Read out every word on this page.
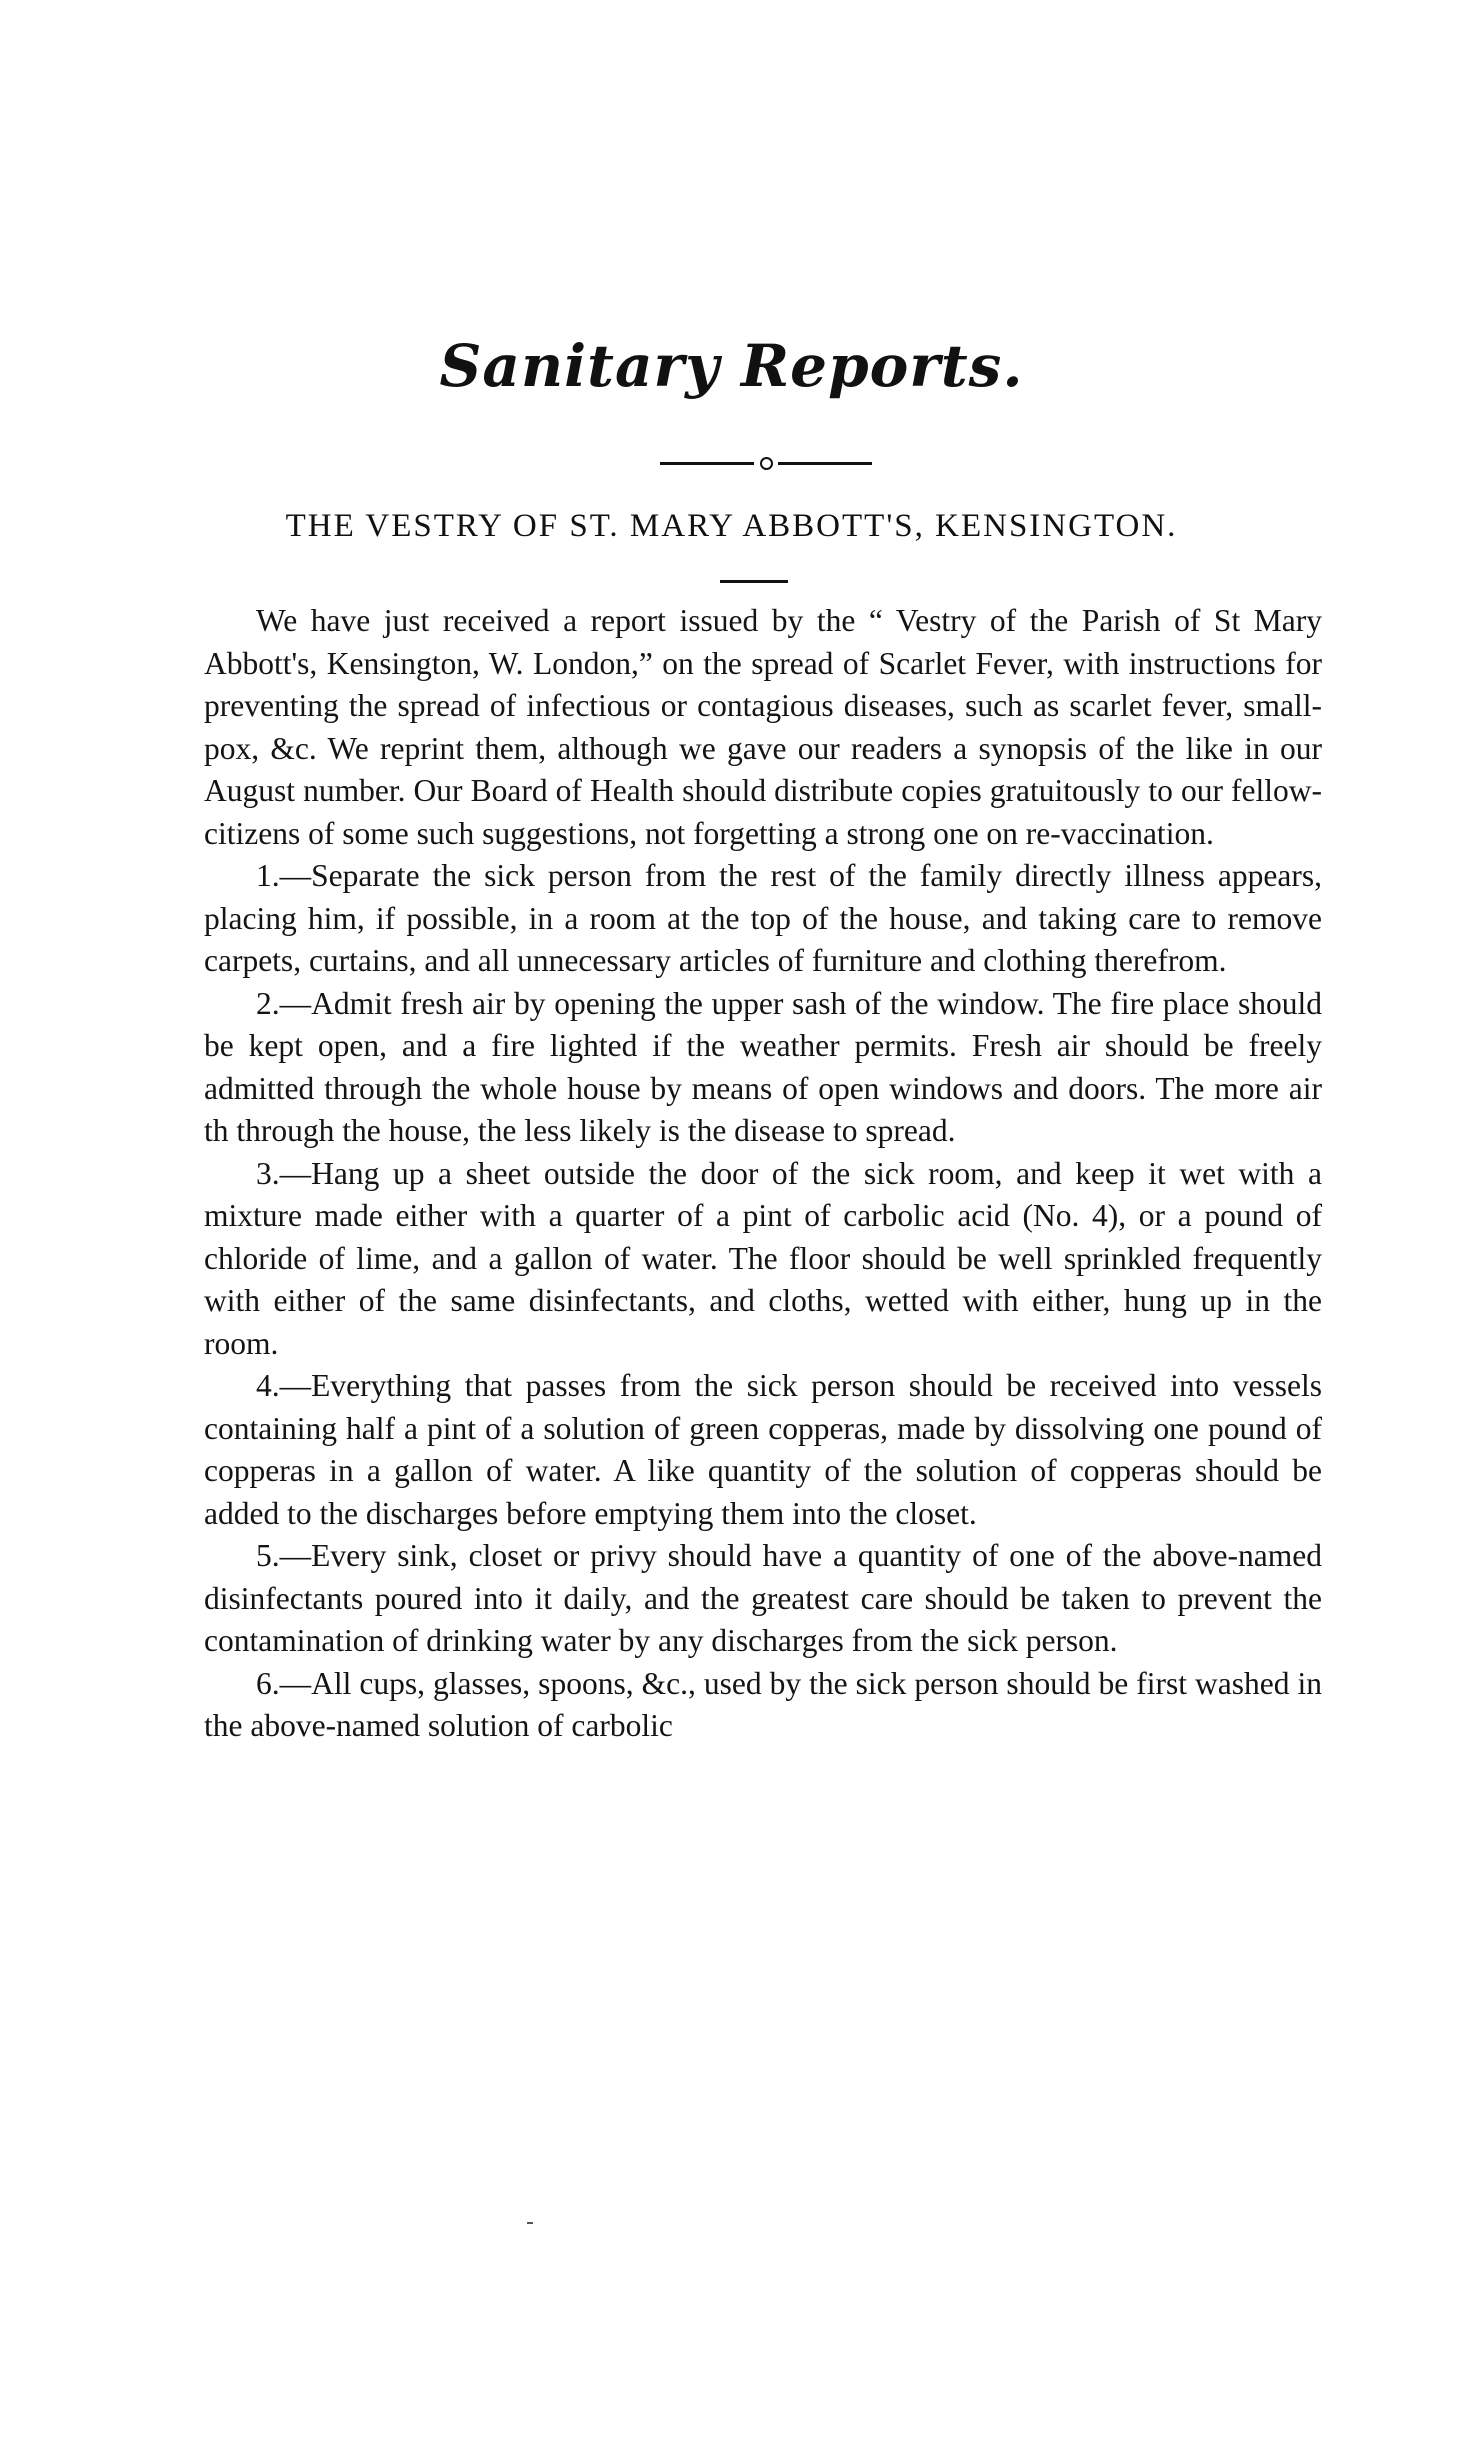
Sanitary Reports.
THE VESTRY OF ST. MARY ABBOTT'S, KENSINGTON.

We have just received a report issued by the “ Vestry of the Parish of St Mary Abbott's, Kensington, W. London,” on the spread of Scarlet Fever, with instructions for preventing the spread of infectious or contagious diseases, such as scarlet fever, small-pox, &c. We reprint them, although we gave our readers a synopsis of the like in our August number. Our Board of Health should distribute copies gratuitously to our fellow-citizens of some such suggestions, not forgetting a strong one on re-vaccination.

1.—Separate the sick person from the rest of the family directly illness appears, placing him, if possible, in a room at the top of the house, and taking care to remove carpets, curtains, and all unnecessary articles of furniture and clothing therefrom.

2.—Admit fresh air by opening the upper sash of the window. The fire place should be kept open, and a fire lighted if the weather permits. Fresh air should be freely admitted through the whole house by means of open windows and doors. The more air th through the house, the less likely is the disease to spread.

3.—Hang up a sheet outside the door of the sick room, and keep it wet with a mixture made either with a quarter of a pint of carbolic acid (No. 4), or a pound of chloride of lime, and a gallon of water. The floor should be well sprinkled frequently with either of the same disinfectants, and cloths, wetted with either, hung up in the room.

4.—Everything that passes from the sick person should be received into vessels containing half a pint of a solution of green copperas, made by dissolving one pound of copperas in a gallon of water. A like quantity of the solution of copperas should be added to the discharges before emptying them into the closet.

5.—Every sink, closet or privy should have a quantity of one of the above-named disinfectants poured into it daily, and the greatest care should be taken to prevent the contamination of drinking water by any discharges from the sick person.

6.—All cups, glasses, spoons, &c., used by the sick person should be first washed in the above-named solution of carbolic
